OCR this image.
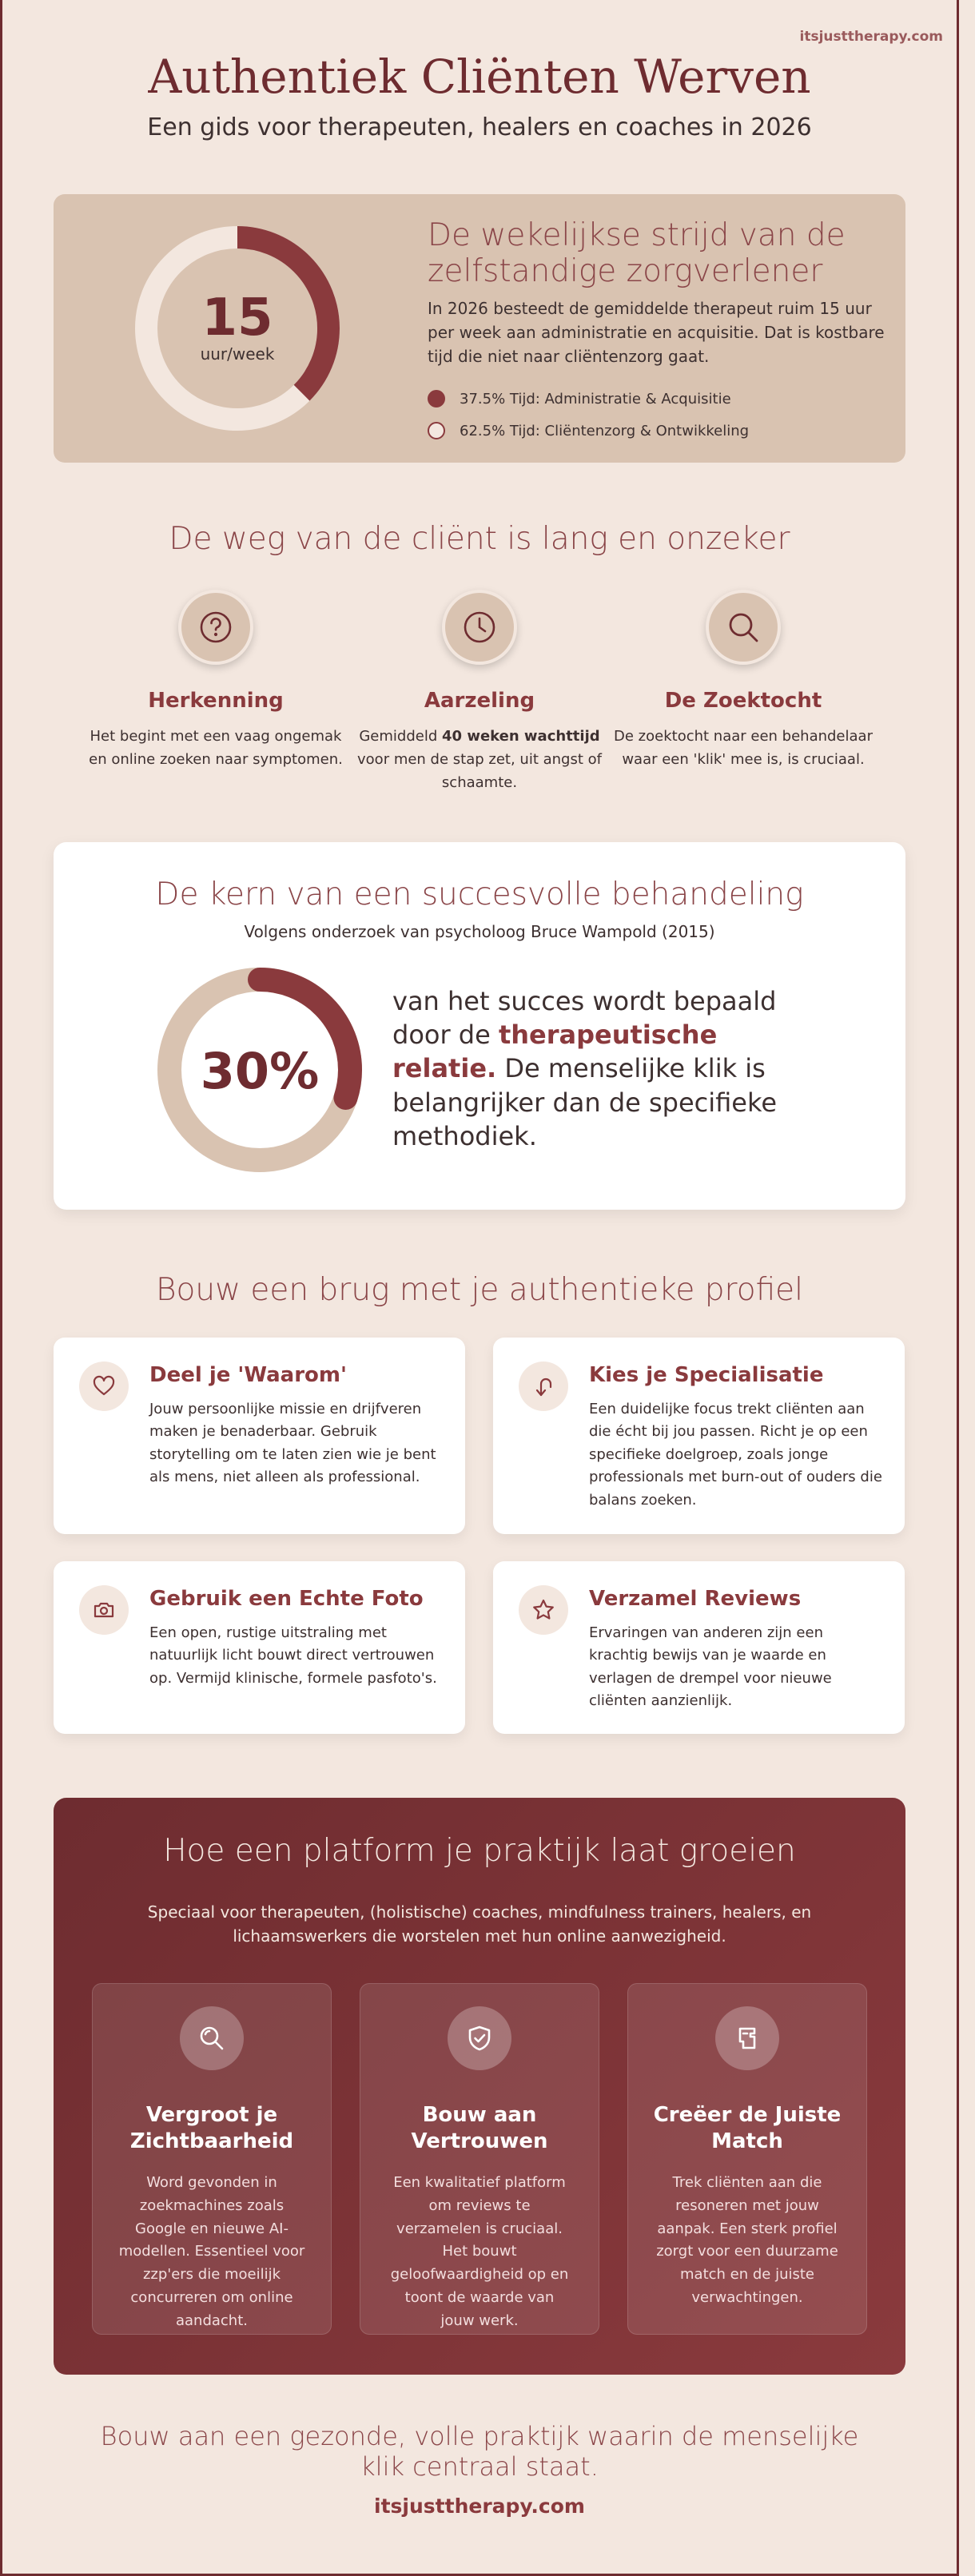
itsjusttherapy.com
Authentiek Cliënten Werven
Een gids voor therapeuten, healers en coaches in 2026
15
uur/week
De wekelijkse strijd van de zelfstandige zorgverlener
In 2026 besteedt de gemiddelde therapeut ruim 15 uur per week aan administratie en acquisitie. Dat is kostbare tijd die niet naar cliëntenzorg gaat.
37.5% Tijd: Administratie & Acquisitie
62.5% Tijd: Cliëntenzorg & Ontwikkeling
De weg van de cliënt is lang en onzeker
Herkenning
Het begint met een vaag ongemak en online zoeken naar symptomen.
Aarzeling
Gemiddeld 40 weken wachttijd voor men de stap zet, uit angst of schaamte.
De Zoektocht
De zoektocht naar een behandelaar waar een 'klik' mee is, is cruciaal.
De kern van een succesvolle behandeling
Volgens onderzoek van psycholoog Bruce Wampold (2015)
30%
van het succes wordt bepaald door de therapeutische relatie. De menselijke klik is belangrijker dan de specifieke methodiek.
Bouw een brug met je authentieke profiel
Deel je 'Waarom'
Jouw persoonlijke missie en drijfveren maken je benaderbaar. Gebruik storytelling om te laten zien wie je bent als mens, niet alleen als professional.
Kies je Specialisatie
Een duidelijke focus trekt cliënten aan die écht bij jou passen. Richt je op een specifieke doelgroep, zoals jonge professionals met burn-out of ouders die balans zoeken.
Gebruik een Echte Foto
Een open, rustige uitstraling met natuurlijk licht bouwt direct vertrouwen op. Vermijd klinische, formele pasfoto's.
Verzamel Reviews
Ervaringen van anderen zijn een krachtig bewijs van je waarde en verlagen de drempel voor nieuwe cliënten aanzienlijk.
Hoe een platform je praktijk laat groeien
Speciaal voor therapeuten, (holistische) coaches, mindfulness trainers, healers, en lichaamswerkers die worstelen met hun online aanwezigheid.
Vergroot je Zichtbaarheid
Word gevonden in zoekmachines zoals Google en nieuwe AI-modellen. Essentieel voor zzp'ers die moeilijk concurreren om online aandacht.
Bouw aan Vertrouwen
Een kwalitatief platform om reviews te verzamelen is cruciaal. Het bouwt geloofwaardigheid op en toont de waarde van jouw werk.
Creëer de Juiste Match
Trek cliënten aan die resoneren met jouw aanpak. Een sterk profiel zorgt voor een duurzame match en de juiste verwachtingen.
Bouw aan een gezonde, volle praktijk waarin de menselijke klik centraal staat.
itsjusttherapy.com
